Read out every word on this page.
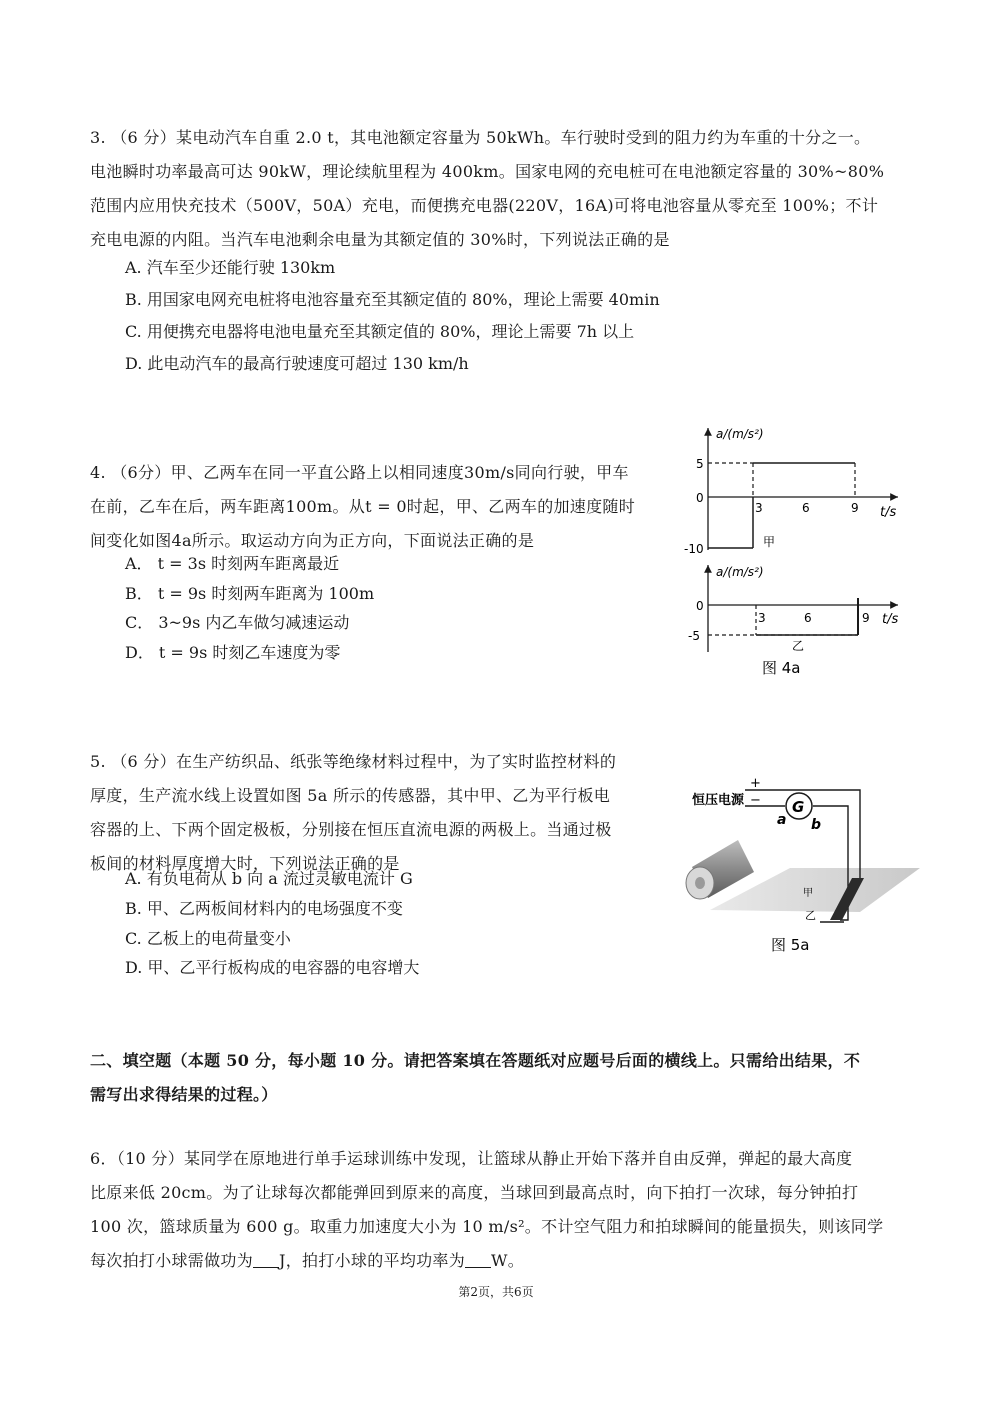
3. （6 分）某电动汽车自重 2.0 t，其电池额定容量为 50kWh。车行驶时受到的阻力约为车重的十分之一。
电池瞬时功率最高可达 90kW，理论续航里程为 400km。国家电网的充电桩可在电池额定容量的 30%~80%
范围内应用快充技术（500V，50A）充电，而便携充电器(220V，16A)可将电池容量从零充至 100%；不计
充电电源的内阻。当汽车电池剩余电量为其额定值的 30%时，下列说法正确的是
A. 汽车至少还能行驶 130km
B. 用国家电网充电桩将电池容量充至其额定值的 80%，理论上需要 40min
C. 用便携充电器将电池电量充至其额定值的 80%，理论上需要 7h 以上
D. 此电动汽车的最高行驶速度可超过 130 km/h
4. （6分）甲、乙两车在同一平直公路上以相同速度30m/s同向行驶，甲车
在前，乙车在后，两车距离100m。从t = 0时起，甲、乙两车的加速度随时
间变化如图4a所示。取运动方向为正方向，下面说法正确的是
A． t = 3s 时刻两车距离最近
B． t = 9s 时刻两车距离为 100m
C． 3~9s 内乙车做匀减速运动
D． t = 9s 时刻乙车速度为零
a/(m/s²)
t/s
5
0
-10
3	6	9
甲
a/(m/s²)
t/s
0
-5
3	6	9
乙
图 4a
5. （6 分）在生产纺织品、纸张等绝缘材料过程中，为了实时监控材料的
厚度，生产流水线上设置如图 5a 所示的传感器，其中甲、乙为平行板电
容器的上、下两个固定极板，分别接在恒压直流电源的两极上。当通过极
板间的材料厚度增大时，下列说法正确的是
A. 有负电荷从 b 向 a 流过灵敏电流计 G
B. 甲、乙两板间材料内的电场强度不变
C. 乙板上的电荷量变小
D. 甲、乙平行板构成的电容器的电容增大
G
a b
恒压电源
+
−
甲
乙
图 5a
二、填空题（本题 50 分，每小题 10 分。请把答案填在答题纸对应题号后面的横线上。只需给出结果，不
需写出求得结果的过程。）
6．（10 分）某同学在原地进行单手运球训练中发现，让篮球从静止开始下落并自由反弹，弹起的最大高度
比原来低 20cm。为了让球每次都能弹回到原来的高度，当球回到最高点时，向下拍打一次球，每分钟拍打
100 次，篮球质量为 600 g。取重力加速度大小为 10 m/s²。不计空气阻力和拍球瞬间的能量损失，则该同学
每次拍打小球需做功为 J，拍打小球的平均功率为 W。
第2页，共6页
